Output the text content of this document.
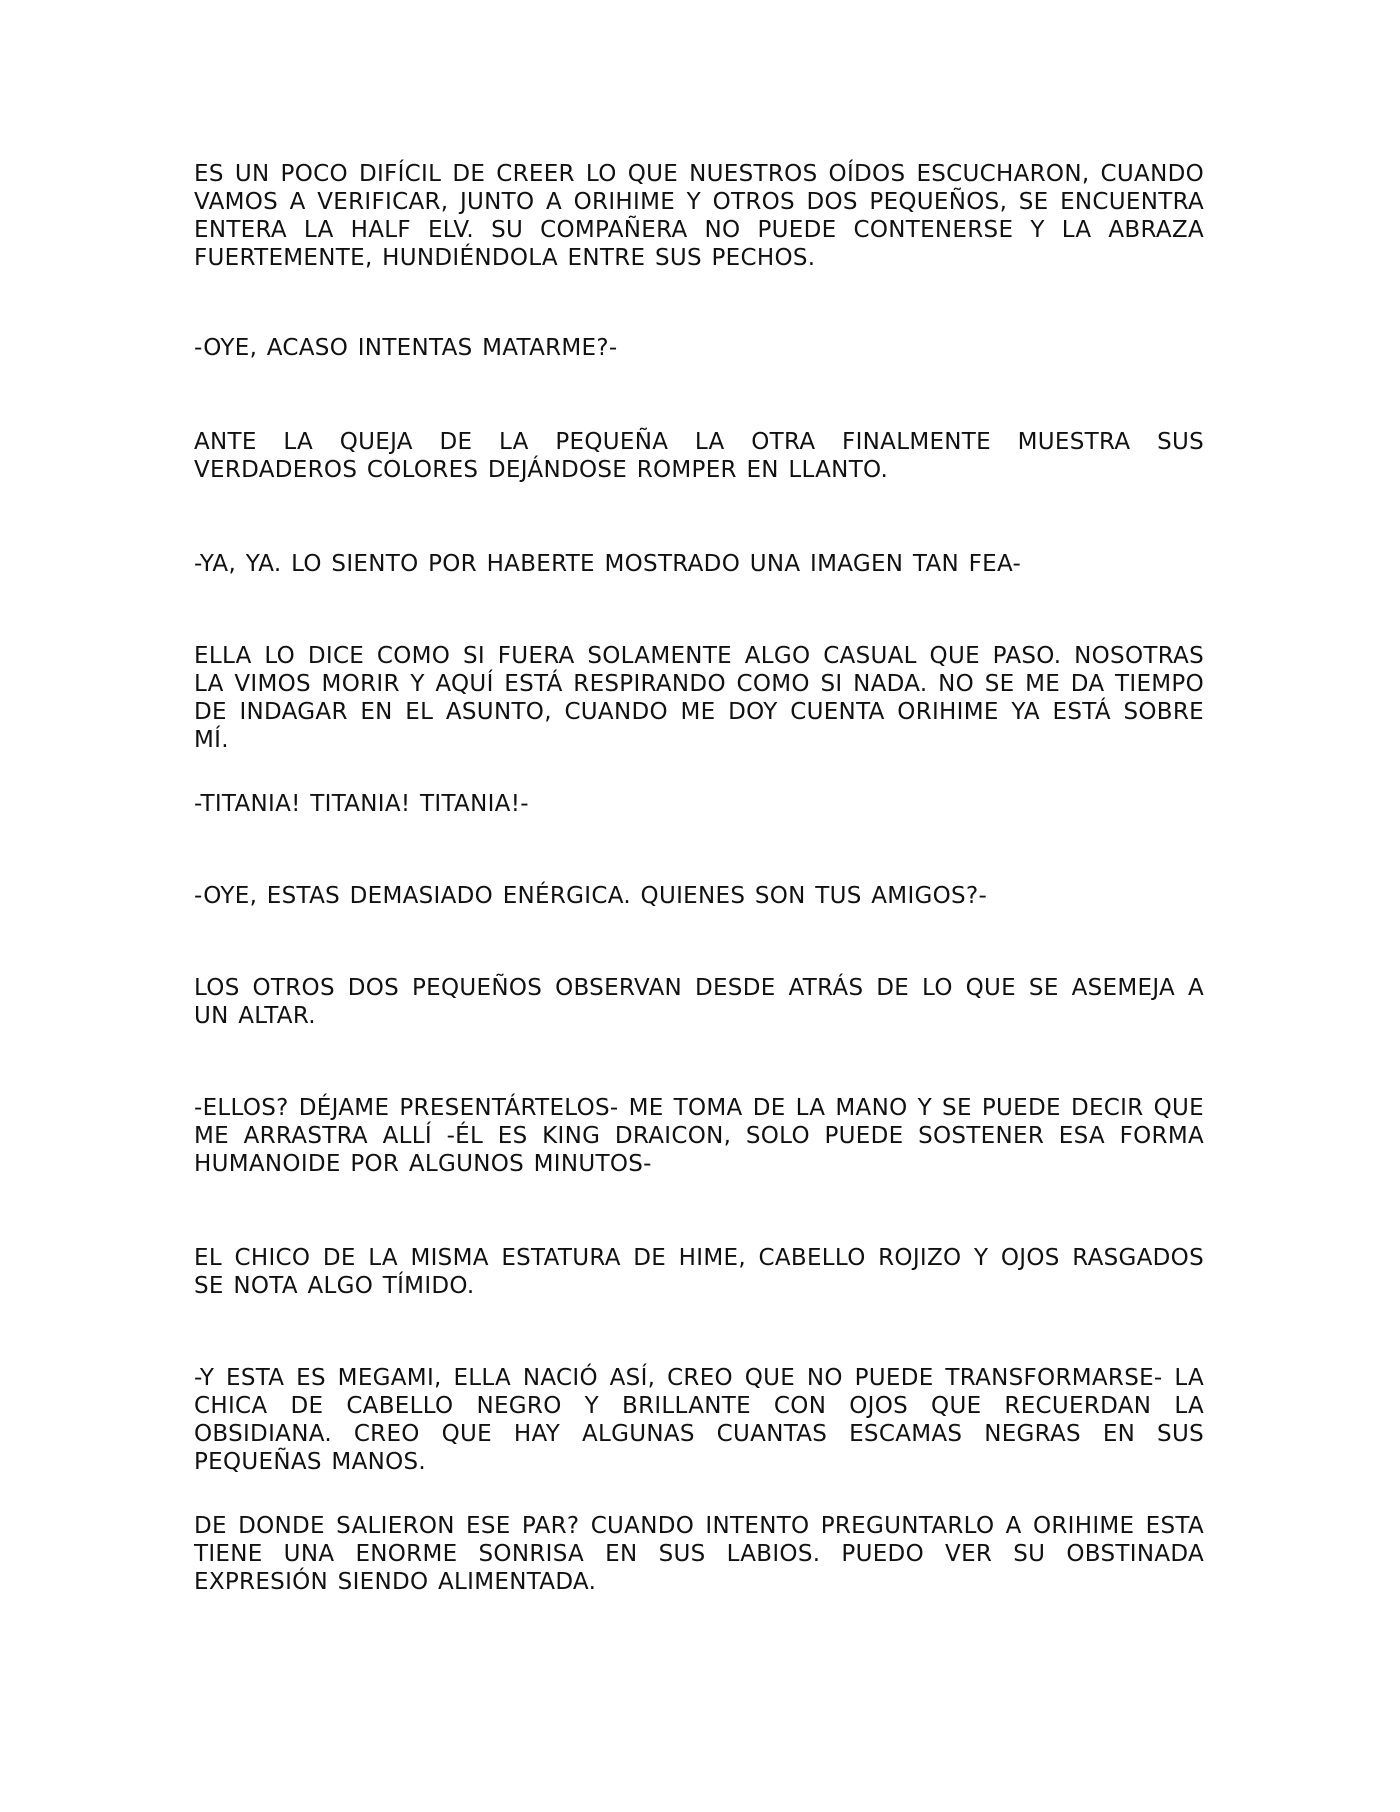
ES UN POCO DIFÍCIL DE CREER LO QUE NUESTROS OÍDOS ESCUCHARON, CUANDO VAMOS A VERIFICAR, JUNTO A ORIHIME Y OTROS DOS PEQUEÑOS, SE ENCUENTRA ENTERA LA HALF ELV. SU COMPAÑERA NO PUEDE CONTENERSE Y LA ABRAZA FUERTEMENTE, HUNDIÉNDOLA ENTRE SUS PECHOS.

-OYE, ACASO INTENTAS MATARME?-

ANTE LA QUEJA DE LA PEQUEÑA LA OTRA FINALMENTE MUESTRA SUS VERDADEROS COLORES DEJÁNDOSE ROMPER EN LLANTO.

-YA, YA. LO SIENTO POR HABERTE MOSTRADO UNA IMAGEN TAN FEA-

ELLA LO DICE COMO SI FUERA SOLAMENTE ALGO CASUAL QUE PASO. NOSOTRAS LA VIMOS MORIR Y AQUÍ ESTÁ RESPIRANDO COMO SI NADA. NO SE ME DA TIEMPO DE INDAGAR EN EL ASUNTO, CUANDO ME DOY CUENTA ORIHIME YA ESTÁ SOBRE MÍ.

-TITANIA! TITANIA! TITANIA!-

-OYE, ESTAS DEMASIADO ENÉRGICA. QUIENES SON TUS AMIGOS?-

LOS OTROS DOS PEQUEÑOS OBSERVAN DESDE ATRÁS DE LO QUE SE ASEMEJA A UN ALTAR.

-ELLOS? DÉJAME PRESENTÁRTELOS- ME TOMA DE LA MANO Y SE PUEDE DECIR QUE ME ARRASTRA ALLÍ -ÉL ES KING DRAICON, SOLO PUEDE SOSTENER ESA FORMA HUMANOIDE POR ALGUNOS MINUTOS-

EL CHICO DE LA MISMA ESTATURA DE HIME, CABELLO ROJIZO Y OJOS RASGADOS SE NOTA ALGO TÍMIDO.

-Y ESTA ES MEGAMI, ELLA NACIÓ ASÍ, CREO QUE NO PUEDE TRANSFORMARSE- LA CHICA DE CABELLO NEGRO Y BRILLANTE CON OJOS QUE RECUERDAN LA OBSIDIANA. CREO QUE HAY ALGUNAS CUANTAS ESCAMAS NEGRAS EN SUS PEQUEÑAS MANOS.

DE DONDE SALIERON ESE PAR? CUANDO INTENTO PREGUNTARLO A ORIHIME ESTA TIENE UNA ENORME SONRISA EN SUS LABIOS. PUEDO VER SU OBSTINADA EXPRESIÓN SIENDO ALIMENTADA.
